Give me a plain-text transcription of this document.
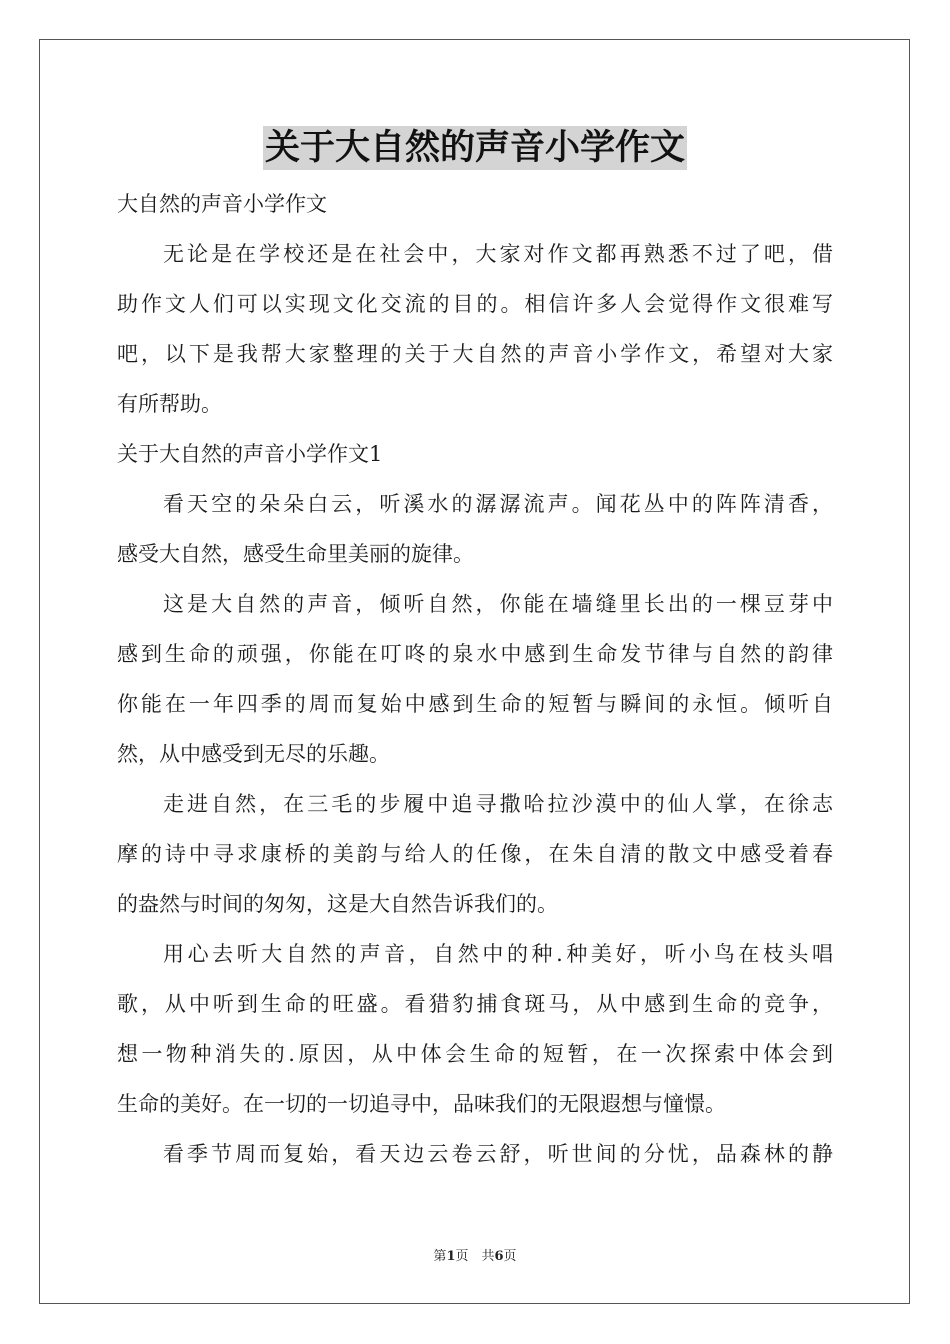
关于大自然的声音小学作文
大自然的声音小学作文
无论是在学校还是在社会中，大家对作文都再熟悉不过了吧，借
助作文人们可以实现文化交流的目的。相信许多人会觉得作文很难写
吧，以下是我帮大家整理的关于大自然的声音小学作文，希望对大家
有所帮助。
关于大自然的声音小学作文1
看天空的朵朵白云，听溪水的潺潺流声。闻花丛中的阵阵清香，
感受大自然，感受生命里美丽的旋律。
这是大自然的声音，倾听自然，你能在墙缝里长出的一棵豆芽中
感到生命的顽强，你能在叮咚的泉水中感到生命发节律与自然的韵律
你能在一年四季的周而复始中感到生命的短暂与瞬间的永恒。倾听自
然，从中感受到无尽的乐趣。
走进自然，在三毛的步履中追寻撒哈拉沙漠中的仙人掌，在徐志
摩的诗中寻求康桥的美韵与给人的任像，在朱自清的散文中感受着春
的盎然与时间的匆匆，这是大自然告诉我们的。
用心去听大自然的声音，自然中的种.种美好，听小鸟在枝头唱
歌，从中听到生命的旺盛。看猎豹捕食斑马，从中感到生命的竞争，
想一物种消失的.原因，从中体会生命的短暂，在一次探索中体会到
生命的美好。在一切的一切追寻中，品味我们的无限遐想与憧憬。
看季节周而复始，看天边云卷云舒，听世间的分忧，品森林的静
第1页　共6页
